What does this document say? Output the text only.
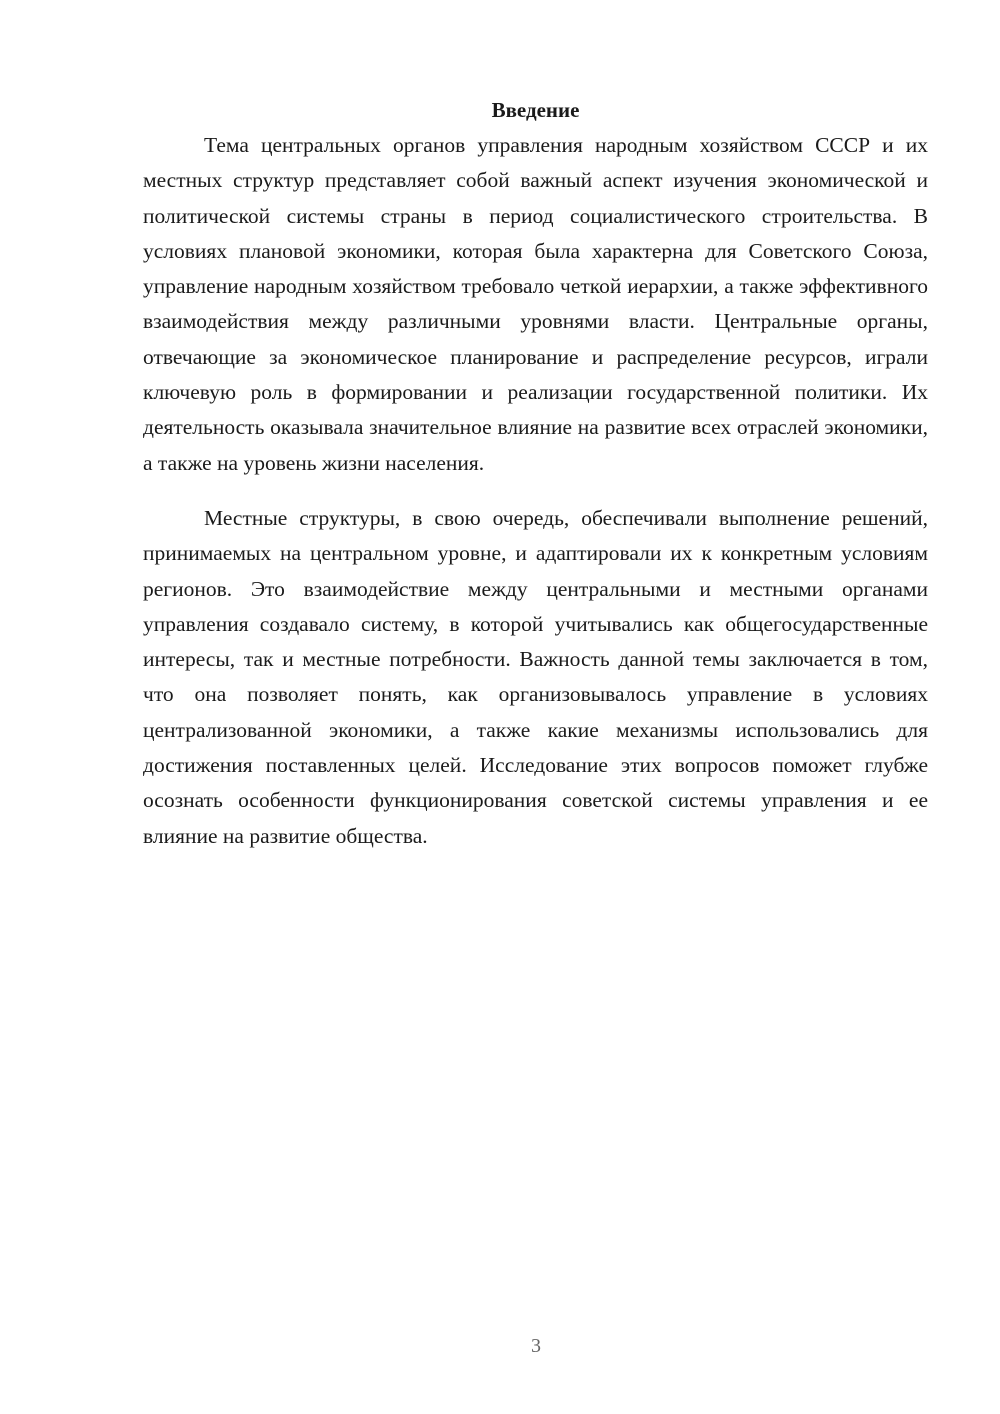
Введение

Тема центральных органов управления народным хозяйством СССР и их местных структур представляет собой важный аспект изучения экономической и политической системы страны в период социалистического строительства. В условиях плановой экономики, которая была характерна для Советского Союза, управление народным хозяйством требовало четкой иерархии, а также эффективного взаимодействия между различными уровнями власти. Центральные органы, отвечающие за экономическое планирование и распределение ресурсов, играли ключевую роль в формировании и реализации государственной политики. Их деятельность оказывала значительное влияние на развитие всех отраслей экономики, а также на уровень жизни населения.

Местные структуры, в свою очередь, обеспечивали выполнение решений, принимаемых на центральном уровне, и адаптировали их к конкретным условиям регионов. Это взаимодействие между центральными и местными органами управления создавало систему, в которой учитывались как общегосударственные интересы, так и местные потребности. Важность данной темы заключается в том, что она позволяет понять, как организовывалось управление в условиях централизованной экономики, а также какие механизмы использовались для достижения поставленных целей. Исследование этих вопросов поможет глубже осознать особенности функционирования советской системы управления и ее влияние на развитие общества.

3
